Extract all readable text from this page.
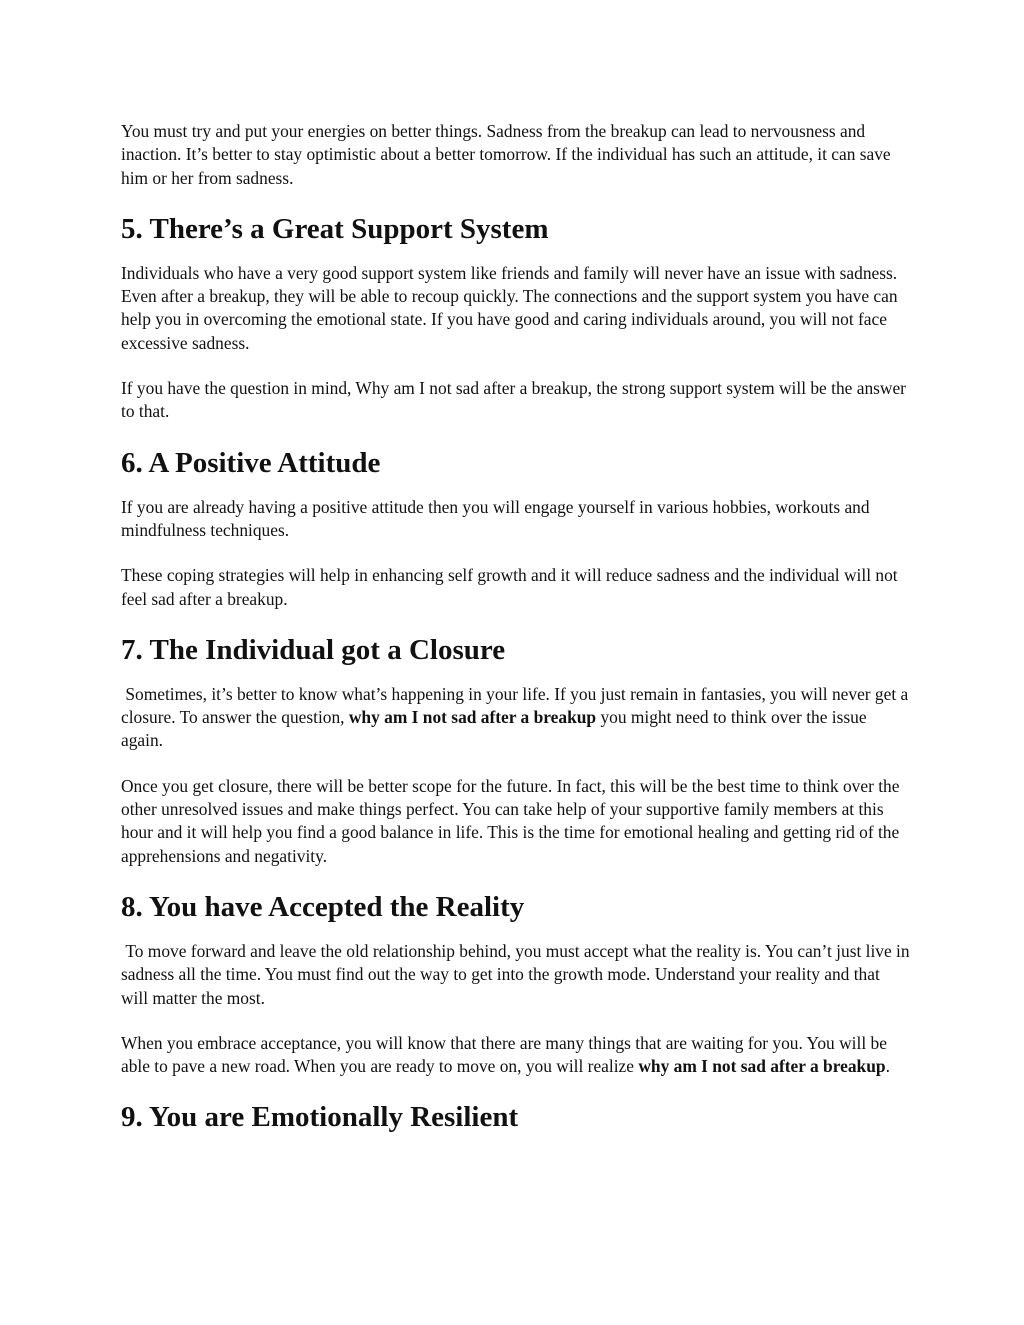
You must try and put your energies on better things. Sadness from the breakup can lead to nervousness and inaction. It’s better to stay optimistic about a better tomorrow. If the individual has such an attitude, it can save him or her from sadness.

5. There’s a Great Support System

Individuals who have a very good support system like friends and family will never have an issue with sadness. Even after a breakup, they will be able to recoup quickly. The connections and the support system you have can help you in overcoming the emotional state. If you have good and caring individuals around, you will not face excessive sadness.

If you have the question in mind, Why am I not sad after a breakup, the strong support system will be the answer to that.

6. A Positive Attitude

If you are already having a positive attitude then you will engage yourself in various hobbies, workouts and mindfulness techniques.

These coping strategies will help in enhancing self growth and it will reduce sadness and the individual will not feel sad after a breakup.

7. The Individual got a Closure

Sometimes, it’s better to know what’s happening in your life. If you just remain in fantasies, you will never get a closure. To answer the question, why am I not sad after a breakup you might need to think over the issue again.

Once you get closure, there will be better scope for the future. In fact, this will be the best time to think over the other unresolved issues and make things perfect. You can take help of your supportive family members at this hour and it will help you find a good balance in life. This is the time for emotional healing and getting rid of the apprehensions and negativity.

8. You have Accepted the Reality

To move forward and leave the old relationship behind, you must accept what the reality is. You can’t just live in sadness all the time. You must find out the way to get into the growth mode. Understand your reality and that will matter the most.

When you embrace acceptance, you will know that there are many things that are waiting for you. You will be able to pave a new road. When you are ready to move on, you will realize why am I not sad after a breakup.

9. You are Emotionally Resilient
